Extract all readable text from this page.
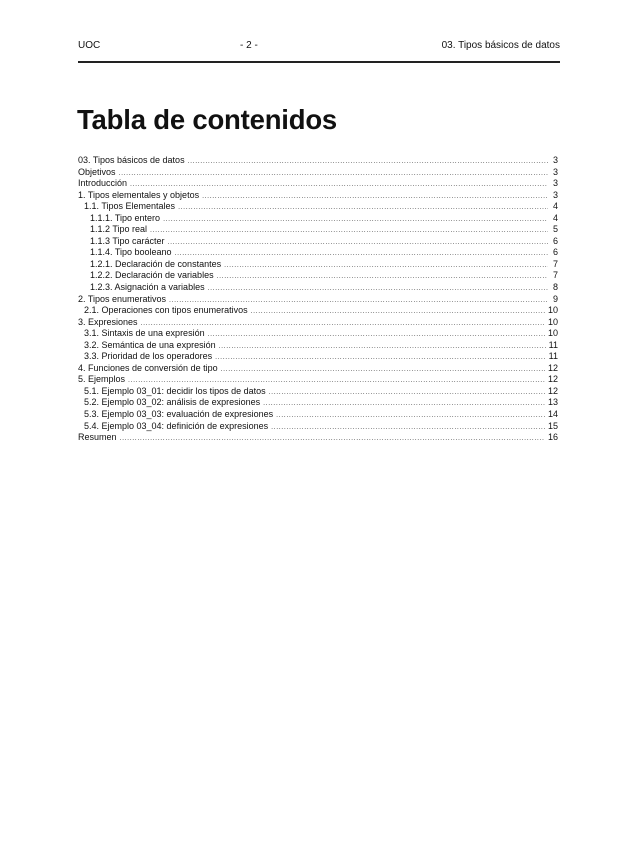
UOC	- 2 -	03. Tipos básicos de datos
Tabla de contenidos
03. Tipos básicos de datos .....	3
Objetivos .....	3
Introducción .....	3
1. Tipos elementales y objetos .....	3
1.1. Tipos Elementales .....	4
1.1.1. Tipo entero .....	4
1.1.2 Tipo real .....	5
1.1.3 Tipo carácter .....	6
1.1.4. Tipo booleano .....	6
1.2.1. Declaración de constantes .....	7
1.2.2. Declaración de variables .....	7
1.2.3. Asignación a variables .....	8
2. Tipos enumerativos .....	9
2.1. Operaciones con tipos enumerativos .....	10
3. Expresiones .....	10
3.1. Sintaxis de una expresión .....	10
3.2. Semántica de una expresión .....	11
3.3. Prioridad de los operadores .....	11
4. Funciones de conversión de tipo .....	12
5. Ejemplos .....	12
5.1. Ejemplo 03_01: decidir los tipos de datos .....	12
5.2. Ejemplo 03_02: análisis de expresiones .....	13
5.3. Ejemplo 03_03: evaluación de expresiones .....	14
5.4. Ejemplo 03_04: definición de expresiones .....	15
Resumen .....	16
